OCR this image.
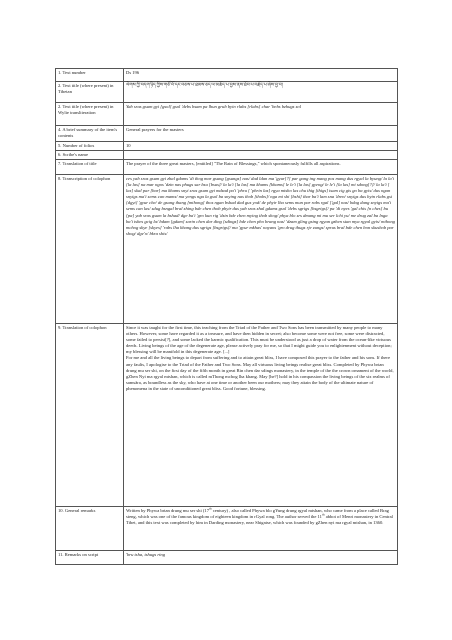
1. Text number	Ds 196
2. Text title (where present) in Tibetan	ལེགས་ཀྱི་བདག་ཉིད་ཀྱིས་གཙོ་བོ་དང་བཅས་པ་ཐམས་ཅད་ལ་མཆོད་པ་བྱས་ནས་ཐོབ་པ་བརྗོད་པ་ཞེས་བྱ་བ།
2. Text title (where present) in Wylie transliteration	Yab sras gsum gyi [gsol] gsol 'debs bsam pa lhun grub byin rlabs [rlabs] char 'bebs bzhugs sol
4. A brief summary of the item's contents	General prayers for the masters
5. Number of folios	10
6. Scribe's name	
7. Translation of title	The prayer of the three great masters, [entitled] "The Rain of Blessings," which spontaneously fulfills all aspirations.
8. Transcription of colophon	ces yab sras gsum gyi zhal gdams 'di thog mar gsung [gsungs] nas/ dad ldan ma 'gyur[?] par gang ing mang pos mang dus rgyal la byung/ la la'i [la las] na mar ngos 'dzin nas phugs sar bsu [bsus]/ la la'i [la las] ma khams [khams] le le'i [la las] gyeng/ le le'i [la las] mi sdong[?]/ la la'i [ las] skal par [bar] ma khams snyi sras gsum gyi mdzad pa'i 'phru [ 'phrin las] rgya mtsho las chu thig [thigs] tsam cig gis go ba gyis/ dus ngan snyigs ma'i sems can mams/ ma yengs nga la gsol ba snying nas thob [thobs]/ nga mi shi [bshi] thar ba'i lam sna 'dren/ snyigs dus byin rlabs gsi [dgyi] 'gyur che/ de gsung thang [mthong] thos ngan bshad dad gus yod/ de phyir lha sems mun par rabs rgal ['gal] nas/ bdag dang snyigs ma'i sems can las/ sdug bsngal bral zhing bde chen thob phyir dus yab sras zhal gdams gsol 'debs sgrigs [bsgrigs]/ pa 'di nyes 'gal chis [n ches] bu [pa] yab sras gsum la bshad/ dge ba'i 'gro kun rig 'dzin bde chen mying thob shog/ phya blo srs dmang mi mu ser lchi yu/ me drug zal ba lnga ba'i tshes gcig la/ bdam [gdam] sarin chen dar ding [sdings] bde chen pho brang nas/ 'dzam gling gsing rgyan gzhen stan mya rgyal gyis/ mthong mchog skye [skyes] 'rabs lha khang dus sgrigs [bsgrigs]/ ma 'gyur mkhas' nayans 'gro drug thugs rje zungs/ sprus bral bde chen bon skushob par shog/ dge'o/ bkra shis/
9. Translation of colophon	Since it was taught for the first time, this teaching from the Triad of the Father and Two Sons has been transmitted by many people to many others. However, some have regarded it as a treasure, and have then hidden in secret; also become some were not free, some were distracted, some failed to persist[?], and some lacked the karmic qualification. This must be understood as just a drop of water from the ocean-like virtuous deeds. Living beings of the age of the degenerate age, please actively pray for me, so that I might guide you to enlightenment without deception; my blessing will be manifold in this degenerate age. [...]
For me and all the living beings to depart from suffering and to attain great bliss, I have composed this prayer to the father and his sons. If there any faults, I apologise to the Triad of the Father and Two Sons. May all virtuous living beings realise great bliss. Completed by Phywa brtan drung mu ser shi, on the first day of the fifth month in great Rin chen dar sdings monastery, in the temple of the the crown ornament of the world, gZhen Nyi ma rgyal mtshan, which is called mThong mchog lha khang. May [he?] hold in his compassion the living beings of the six realms of samsāra, as boundless as the sky, who have at one time or another been our mothers; may they attain the body of the ultimate nature of phenomena in the state of unconditioned great bliss. Good fortune, blessing.
10. General remarks	Written by Phywa brtan drung mu ser shi (17th century) , also called Phywa blo gYung drung rgyal mtshan, who came from a place called Brag steng, which was one of the famous kingdom of eighteen kingdom in rGyal rong. The author served the 11th abbot of Menri monastery in Central Tibet, and this text was completed by him in Darding monastery, near Shigatse, which was founded by gZhen nyi ma rgyal mtshan, in 1360.
11. Remarks on script	'bru tsha, tshugs ring
